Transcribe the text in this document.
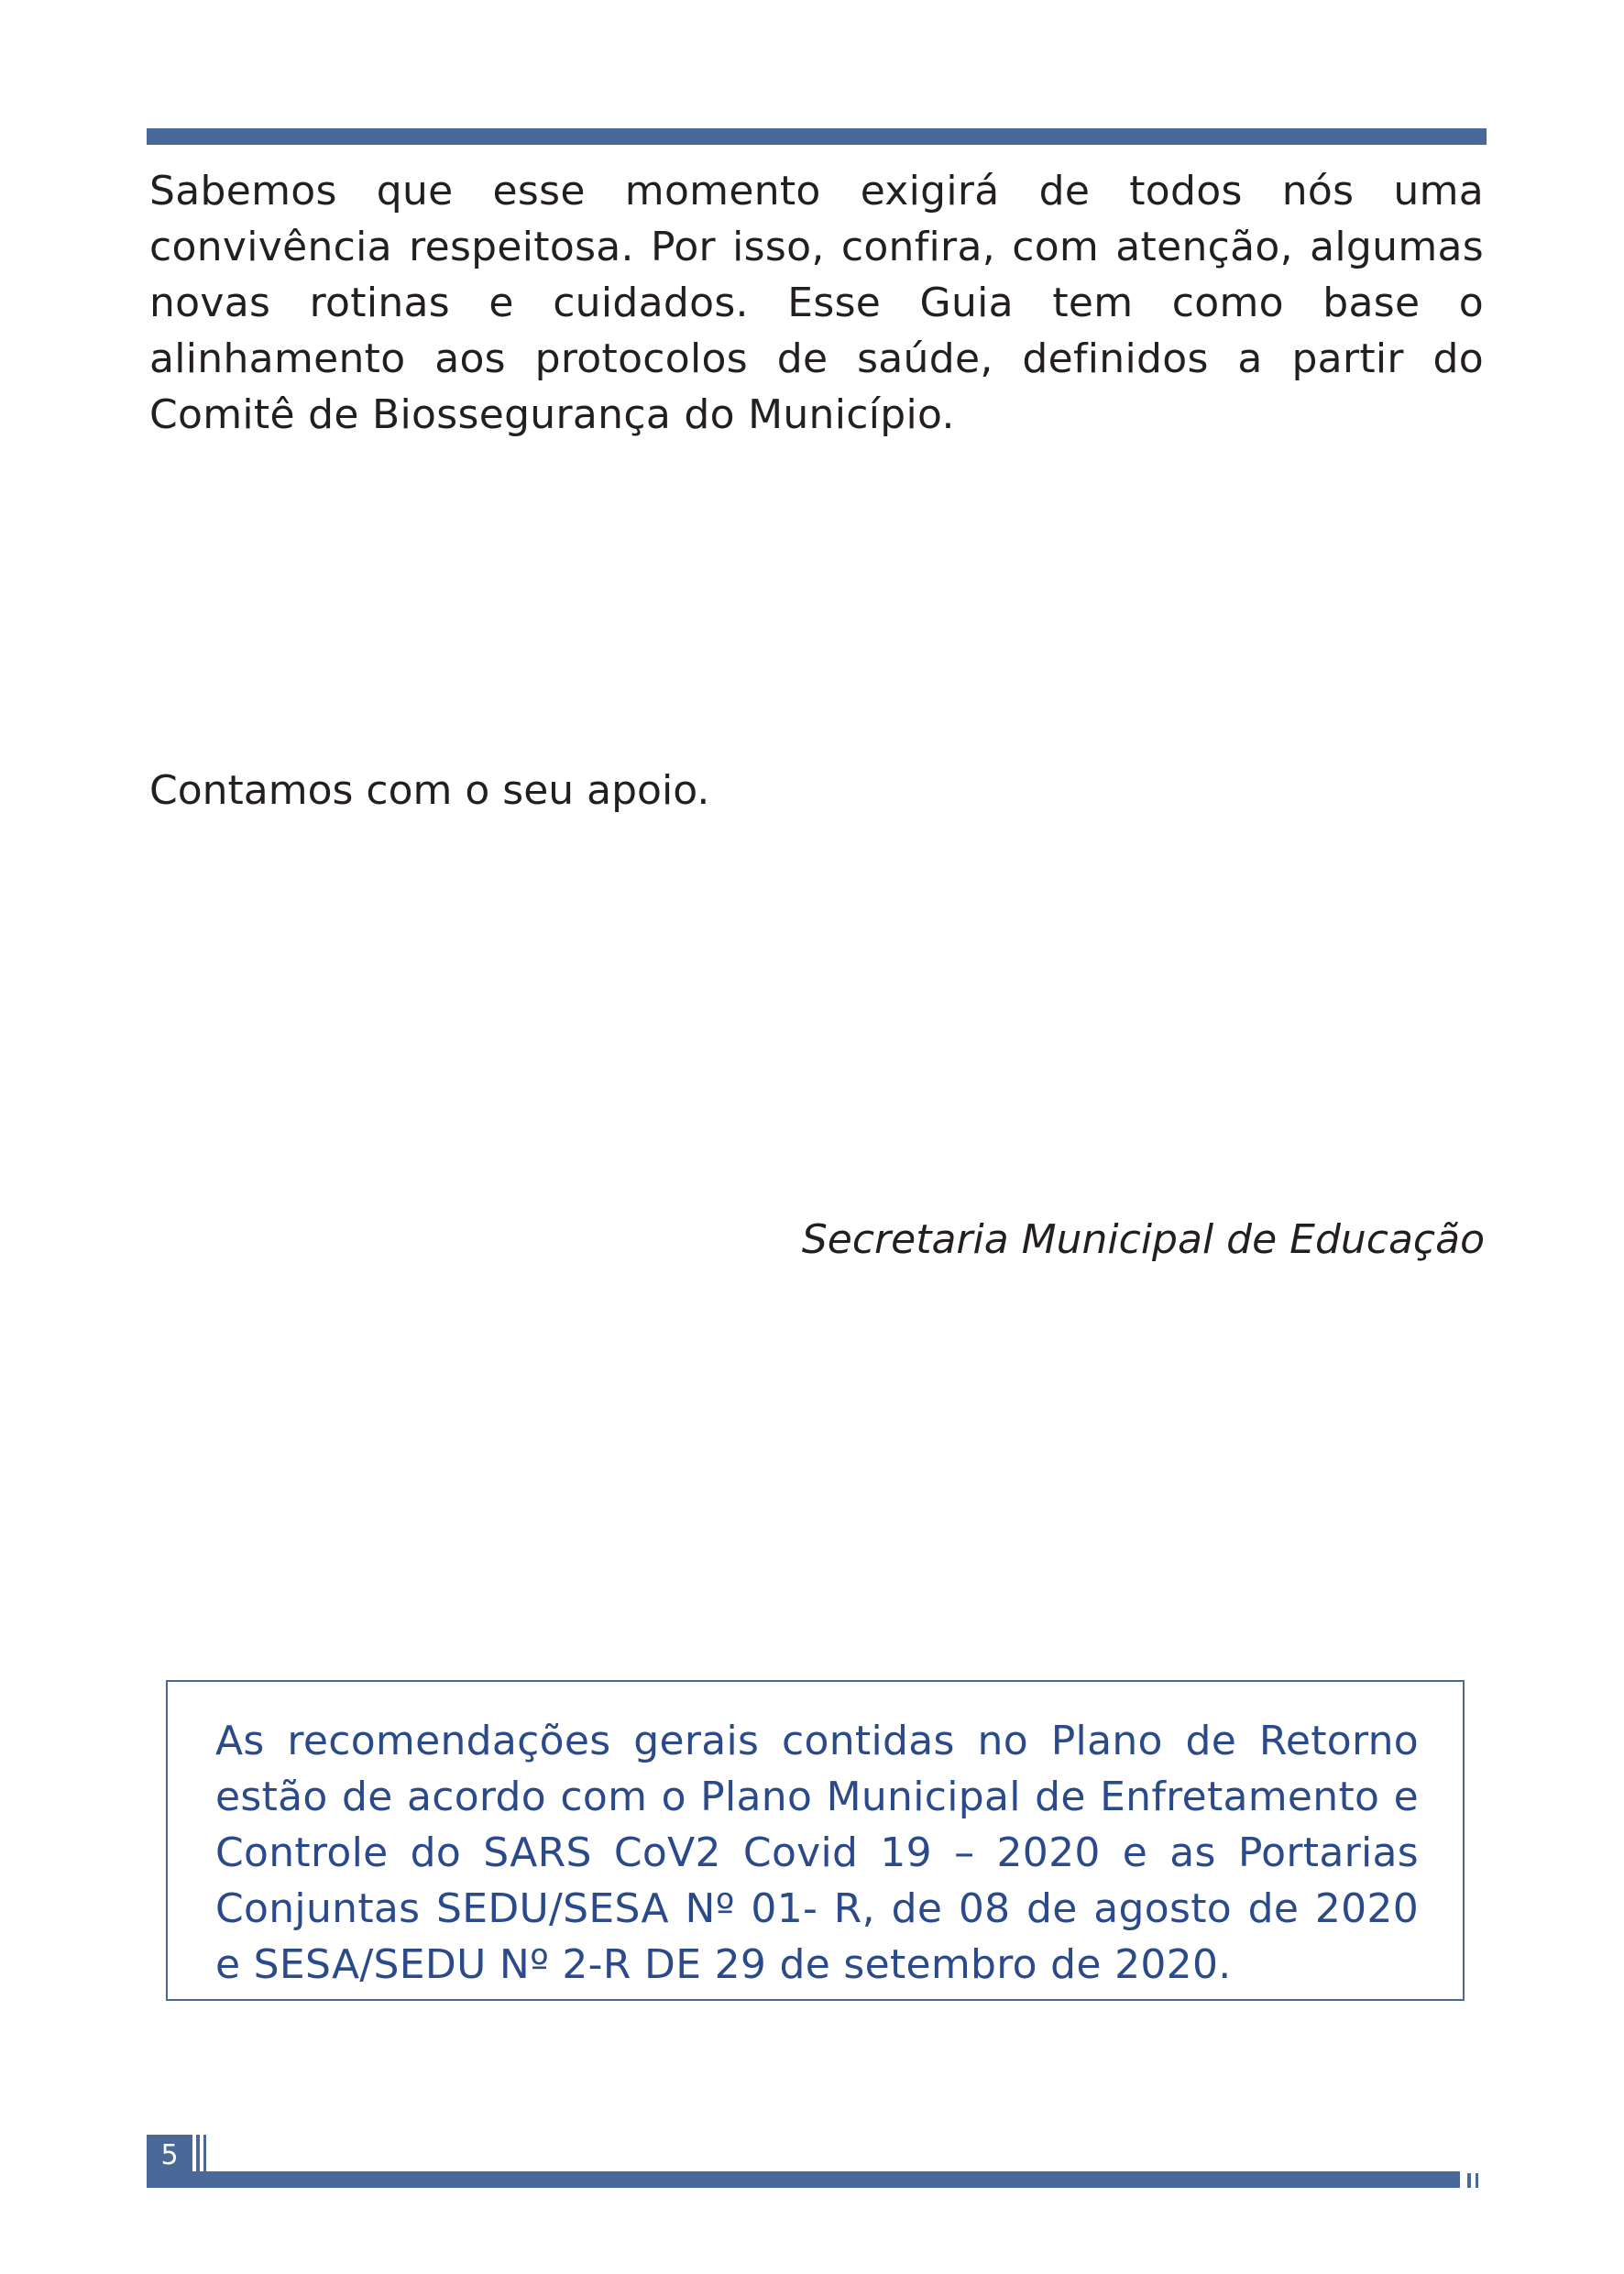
Sabemos que esse momento exigirá de todos nós uma convivência respeitosa. Por isso, confira, com atenção, algumas novas rotinas e cuidados. Esse Guia tem como base o alinhamento aos protocolos de saúde, definidos a partir do Comitê de Biossegurança do Município.

Contamos com o seu apoio.

Secretaria Municipal de Educação

As recomendações gerais contidas no Plano de Retorno estão de acordo com o Plano Municipal de Enfretamento e Controle do SARS CoV2 Covid 19 – 2020 e as Portarias Conjuntas SEDU/SESA Nº 01- R, de 08 de agosto de 2020 e SESA/SEDU Nº 2-R DE 29 de setembro de 2020.

5
